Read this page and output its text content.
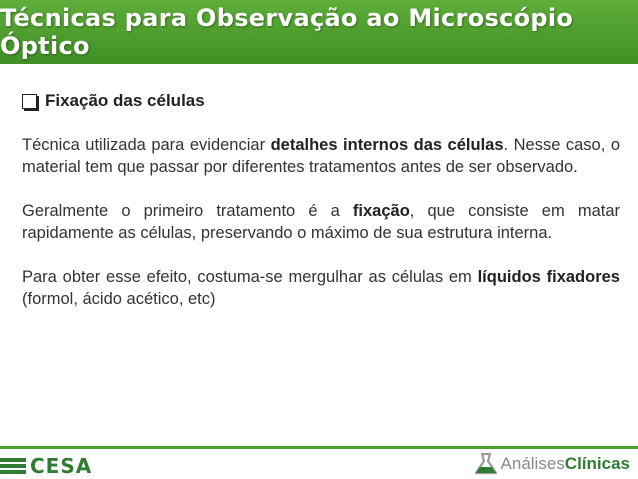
Técnicas para Observação ao Microscópio Óptico
Fixação das células

Técnica utilizada para evidenciar detalhes internos das células. Nesse caso, o material tem que passar por diferentes tratamentos antes de ser observado.

Geralmente o primeiro tratamento é a fixação, que consiste em matar rapidamente as células, preservando o máximo de sua estrutura interna.

Para obter esse efeito, costuma-se mergulhar as células em líquidos fixadores (formol, ácido acético, etc)

CESA	Análises Clínicas
